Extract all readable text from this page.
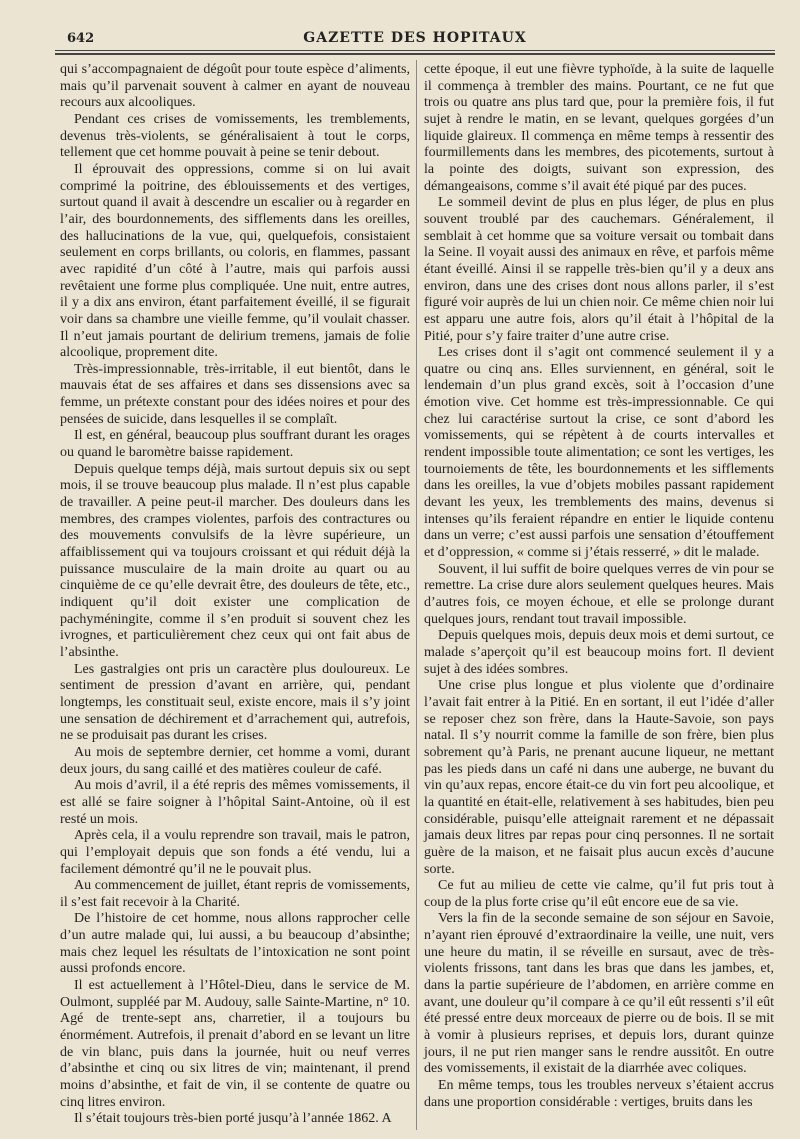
642	GAZETTE DES HOPITAUX

qui s’accompagnaient de dégoût pour toute espèce d’aliments, mais qu’il parvenait souvent à calmer en ayant de nouveau recours aux alcooliques.

Pendant ces crises de vomissements, les tremblements, devenus très-violents, se généralisaient à tout le corps, tellement que cet homme pouvait à peine se tenir debout.

Il éprouvait des oppressions, comme si on lui avait comprimé la poitrine, des éblouissements et des vertiges, surtout quand il avait à descendre un escalier ou à regarder en l’air, des bourdonnements, des sifflements dans les oreilles, des hallucinations de la vue, qui, quelquefois, consistaient seulement en corps brillants, ou coloris, en flammes, passant avec rapidité d’un côté à l’autre, mais qui parfois aussi revêtaient une forme plus compliquée. Une nuit, entre autres, il y a dix ans environ, étant parfaitement éveillé, il se figurait voir dans sa chambre une vieille femme, qu’il voulait chasser. Il n’eut jamais pourtant de delirium tremens, jamais de folie alcoolique, proprement dite.

Très-impressionnable, très-irritable, il eut bientôt, dans le mauvais état de ses affaires et dans ses dissensions avec sa femme, un prétexte constant pour des idées noires et pour des pensées de suicide, dans lesquelles il se complaît.

Il est, en général, beaucoup plus souffrant durant les orages ou quand le baromètre baisse rapidement.

Depuis quelque temps déjà, mais surtout depuis six ou sept mois, il se trouve beaucoup plus malade. Il n’est plus capable de travailler. A peine peut-il marcher. Des douleurs dans les membres, des crampes violentes, parfois des contractures ou des mouvements convulsifs de la lèvre supérieure, un affaiblissement qui va toujours croissant et qui réduit déjà la puissance musculaire de la main droite au quart ou au cinquième de ce qu’elle devrait être, des douleurs de tête, etc., indiquent qu’il doit exister une complication de pachyméningite, comme il s’en produit si souvent chez les ivrognes, et particulièrement chez ceux qui ont fait abus de l’absinthe.

Les gastralgies ont pris un caractère plus douloureux. Le sentiment de pression d’avant en arrière, qui, pendant longtemps, les constituait seul, existe encore, mais il s’y joint une sensation de déchirement et d’arrachement qui, autrefois, ne se produisait pas durant les crises.

Au mois de septembre dernier, cet homme a vomi, durant deux jours, du sang caillé et des matières couleur de café.

Au mois d’avril, il a été repris des mêmes vomissements, il est allé se faire soigner à l’hôpital Saint-Antoine, où il est resté un mois.

Après cela, il a voulu reprendre son travail, mais le patron, qui l’employait depuis que son fonds a été vendu, lui a facilement démontré qu’il ne le pouvait plus.

Au commencement de juillet, étant repris de vomissements, il s’est fait recevoir à la Charité.

De l’histoire de cet homme, nous allons rapprocher celle d’un autre malade qui, lui aussi, a bu beaucoup d’absinthe; mais chez lequel les résultats de l’intoxication ne sont point aussi profonds encore.

Il est actuellement à l’Hôtel-Dieu, dans le service de M. Oulmont, suppléé par M. Audouy, salle Sainte-Martine, n° 10. Agé de trente-sept ans, charretier, il a toujours bu énormément. Autrefois, il prenait d’abord en se levant un litre de vin blanc, puis dans la journée, huit ou neuf verres d’absinthe et cinq ou six litres de vin; maintenant, il prend moins d’absinthe, et fait de vin, il se contente de quatre ou cinq litres environ.

Il s’était toujours très-bien porté jusqu’à l’année 1862. A

cette époque, il eut une fièvre typhoïde, à la suite de laquelle il commença à trembler des mains. Pourtant, ce ne fut que trois ou quatre ans plus tard que, pour la première fois, il fut sujet à rendre le matin, en se levant, quelques gorgées d’un liquide glaireux. Il commença en même temps à ressentir des fourmillements dans les membres, des picotements, surtout à la pointe des doigts, suivant son expression, des démangeaisons, comme s’il avait été piqué par des puces.

Le sommeil devint de plus en plus léger, de plus en plus souvent troublé par des cauchemars. Généralement, il semblait à cet homme que sa voiture versait ou tombait dans la Seine. Il voyait aussi des animaux en rêve, et parfois même étant éveillé. Ainsi il se rappelle très-bien qu’il y a deux ans environ, dans une des crises dont nous allons parler, il s’est figuré voir auprès de lui un chien noir. Ce même chien noir lui est apparu une autre fois, alors qu’il était à l’hôpital de la Pitié, pour s’y faire traiter d’une autre crise.

Les crises dont il s’agit ont commencé seulement il y a quatre ou cinq ans. Elles surviennent, en général, soit le lendemain d’un plus grand excès, soit à l’occasion d’une émotion vive. Cet homme est très-impressionnable. Ce qui chez lui caractérise surtout la crise, ce sont d’abord les vomissements, qui se répètent à de courts intervalles et rendent impossible toute alimentation; ce sont les vertiges, les tournoiements de tête, les bourdonnements et les sifflements dans les oreilles, la vue d’objets mobiles passant rapidement devant les yeux, les tremblements des mains, devenus si intenses qu’ils feraient répandre en entier le liquide contenu dans un verre; c’est aussi parfois une sensation d’étouffement et d’oppression, « comme si j’étais resserré, » dit le malade.

Souvent, il lui suffit de boire quelques verres de vin pour se remettre. La crise dure alors seulement quelques heures. Mais d’autres fois, ce moyen échoue, et elle se prolonge durant quelques jours, rendant tout travail impossible.

Depuis quelques mois, depuis deux mois et demi surtout, ce malade s’aperçoit qu’il est beaucoup moins fort. Il devient sujet à des idées sombres.

Une crise plus longue et plus violente que d’ordinaire l’avait fait entrer à la Pitié. En en sortant, il eut l’idée d’aller se reposer chez son frère, dans la Haute-Savoie, son pays natal. Il s’y nourrit comme la famille de son frère, bien plus sobrement qu’à Paris, ne prenant aucune liqueur, ne mettant pas les pieds dans un café ni dans une auberge, ne buvant du vin qu’aux repas, encore était-ce du vin fort peu alcoolique, et la quantité en était-elle, relativement à ses habitudes, bien peu considérable, puisqu’elle atteignait rarement et ne dépassait jamais deux litres par repas pour cinq personnes. Il ne sortait guère de la maison, et ne faisait plus aucun excès d’aucune sorte.

Ce fut au milieu de cette vie calme, qu’il fut pris tout à coup de la plus forte crise qu’il eût encore eue de sa vie.

Vers la fin de la seconde semaine de son séjour en Savoie, n’ayant rien éprouvé d’extraordinaire la veille, une nuit, vers une heure du matin, il se réveille en sursaut, avec de très-violents frissons, tant dans les bras que dans les jambes, et, dans la partie supérieure de l’abdomen, en arrière comme en avant, une douleur qu’il compare à ce qu’il eût ressenti s’il eût été pressé entre deux morceaux de pierre ou de bois. Il se mit à vomir à plusieurs reprises, et depuis lors, durant quinze jours, il ne put rien manger sans le rendre aussitôt. En outre des vomissements, il existait de la diarrhée avec coliques.

En même temps, tous les troubles nerveux s’étaient accrus dans une proportion considérable : vertiges, bruits dans les
